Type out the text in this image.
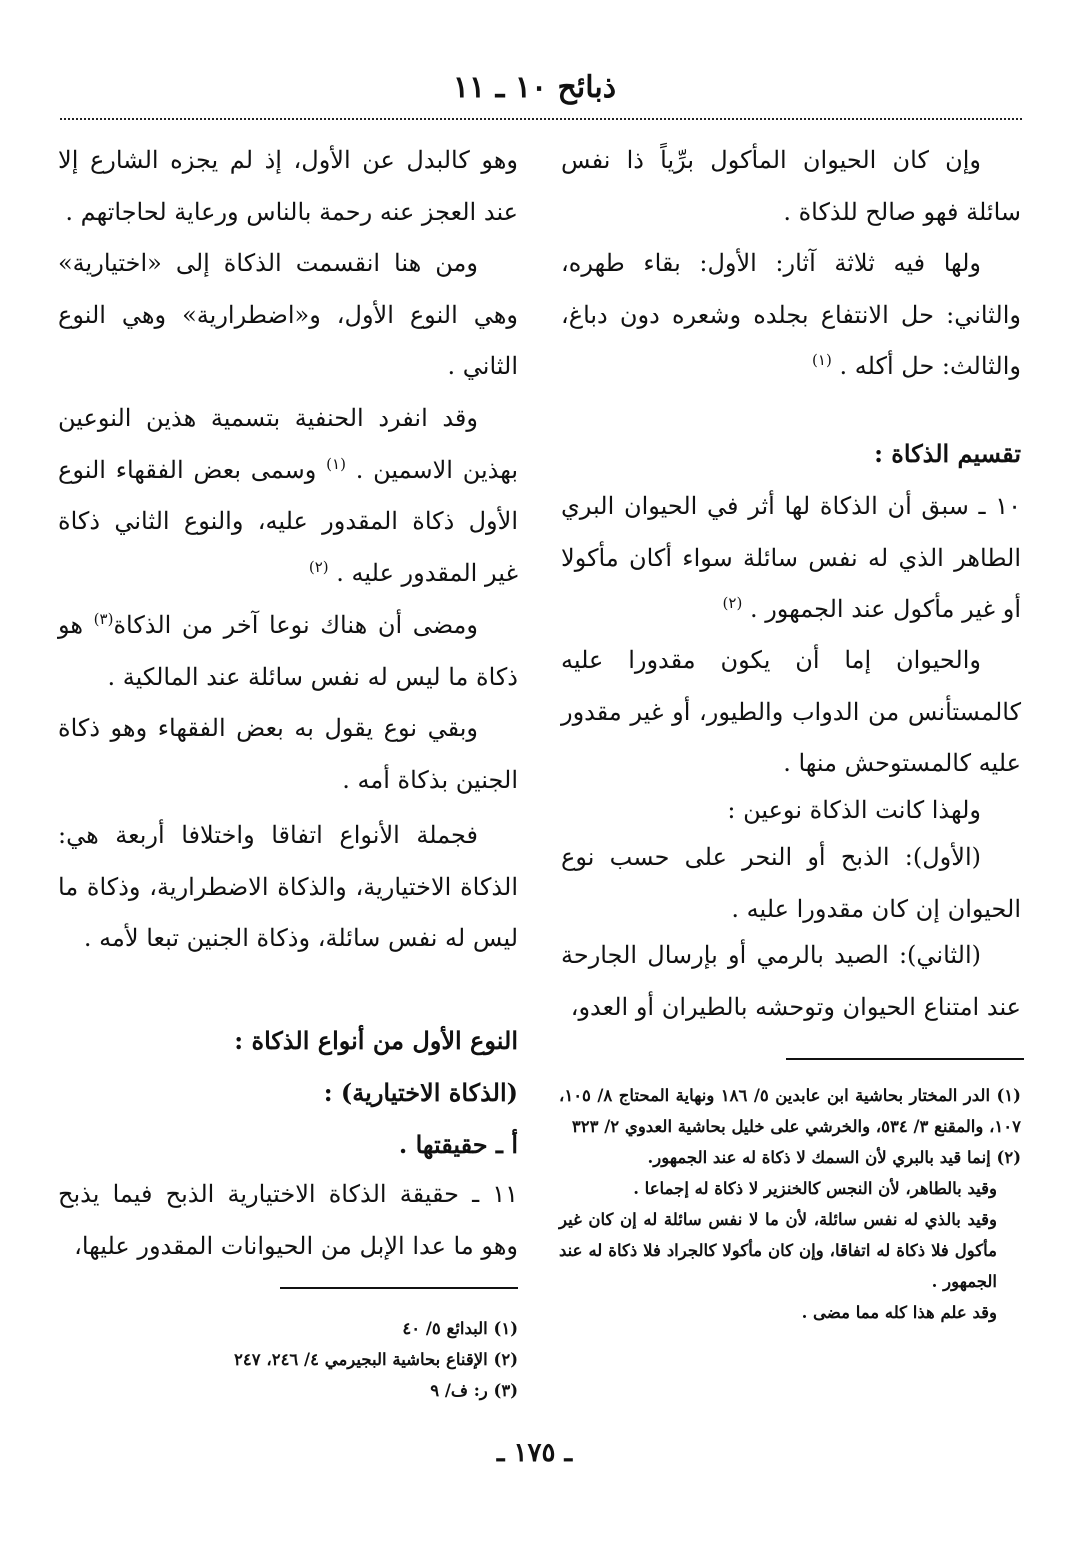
ذبائح ١٠ ـ ١١

وإن كان الحيوان المأكول برِّياً ذا نفس سائلة فهو صالح للذكاة .

ولها فيه ثلاثة آثار: الأول: بقاء طهره، والثاني: حل الانتفاع بجلده وشعره دون دباغ، والثالث: حل أكله . $^{(١)}$

تقسيم الذكاة :

١٠ ـ سبق أن الذكاة لها أثر في الحيوان البري الطاهر الذي له نفس سائلة سواء أكان مأكولا أو غير مأكول عند الجمهور . $^{(٢)}$

والحيوان إما أن يكون مقدورا عليه كالمستأنس من الدواب والطيور، أو غير مقدور عليه كالمستوحش منها .

ولهذا كانت الذكاة نوعين :

(الأول): الذبح أو النحر على حسب نوع الحيوان إن كان مقدورا عليه .

(الثاني): الصيد بالرمي أو بإرسال الجارحة عند امتناع الحيوان وتوحشه بالطيران أو العدو،

وهو كالبدل عن الأول، إذ لم يجزه الشارع إلا عند العجز عنه رحمة بالناس ورعاية لحاجاتهم .

ومن هنا انقسمت الذكاة إلى «اختيارية» وهي النوع الأول، و«اضطرارية» وهي النوع الثاني .

وقد انفرد الحنفية بتسمية هذين النوعين بهذين الاسمين . $^{(١)}$ وسمى بعض الفقهاء النوع الأول ذكاة المقدور عليه، والنوع الثاني ذكاة غير المقدور عليه . $^{(٢)}$

ومضى أن هناك نوعا آخر من الذكاة$^{(٣)}$ هو ذكاة ما ليس له نفس سائلة عند المالكية .

وبقي نوع يقول به بعض الفقهاء وهو ذكاة الجنين بذكاة أمه .

فجملة الأنواع اتفاقا واختلافا أربعة هي: الذكاة الاختيارية، والذكاة الاضطرارية، وذكاة ما ليس له نفس سائلة، وذكاة الجنين تبعا لأمه .

النوع الأول من أنواع الذكاة :
(الذكاة الاختيارية) :
أ ـ حقيقتها .

١١ ـ حقيقة الذكاة الاختيارية الذبح فيما يذبح وهو ما عدا الإبل من الحيوانات المقدور عليها،

(١) الدر المختار بحاشية ابن عابدين ٥/ ١٨٦ ونهاية المحتاج ٨/ ١٠٥، ١٠٧، والمقنع ٣/ ٥٣٤، والخرشي على خليل بحاشية العدوي ٢/ ٣٢٣

(٢) إنما قيد بالبري لأن السمك لا ذكاة له عند الجمهور.

وقيد بالطاهر، لأن النجس كالخنزير لا ذكاة له إجماعا .

وقيد بالذي له نفس سائلة، لأن ما لا نفس سائلة له إن كان غير مأكول فلا ذكاة له اتفاقا، وإن كان مأكولا كالجراد فلا ذكاة له عند الجمهور .

وقد علم هذا كله مما مضى .

(١) البدائع ٥/ ٤٠

(٢) الإقناع بحاشية البجيرمي ٤/ ٢٤٦، ٢٤٧

(٣) ر: ف/ ٩

ـ ١٧٥ ـ
